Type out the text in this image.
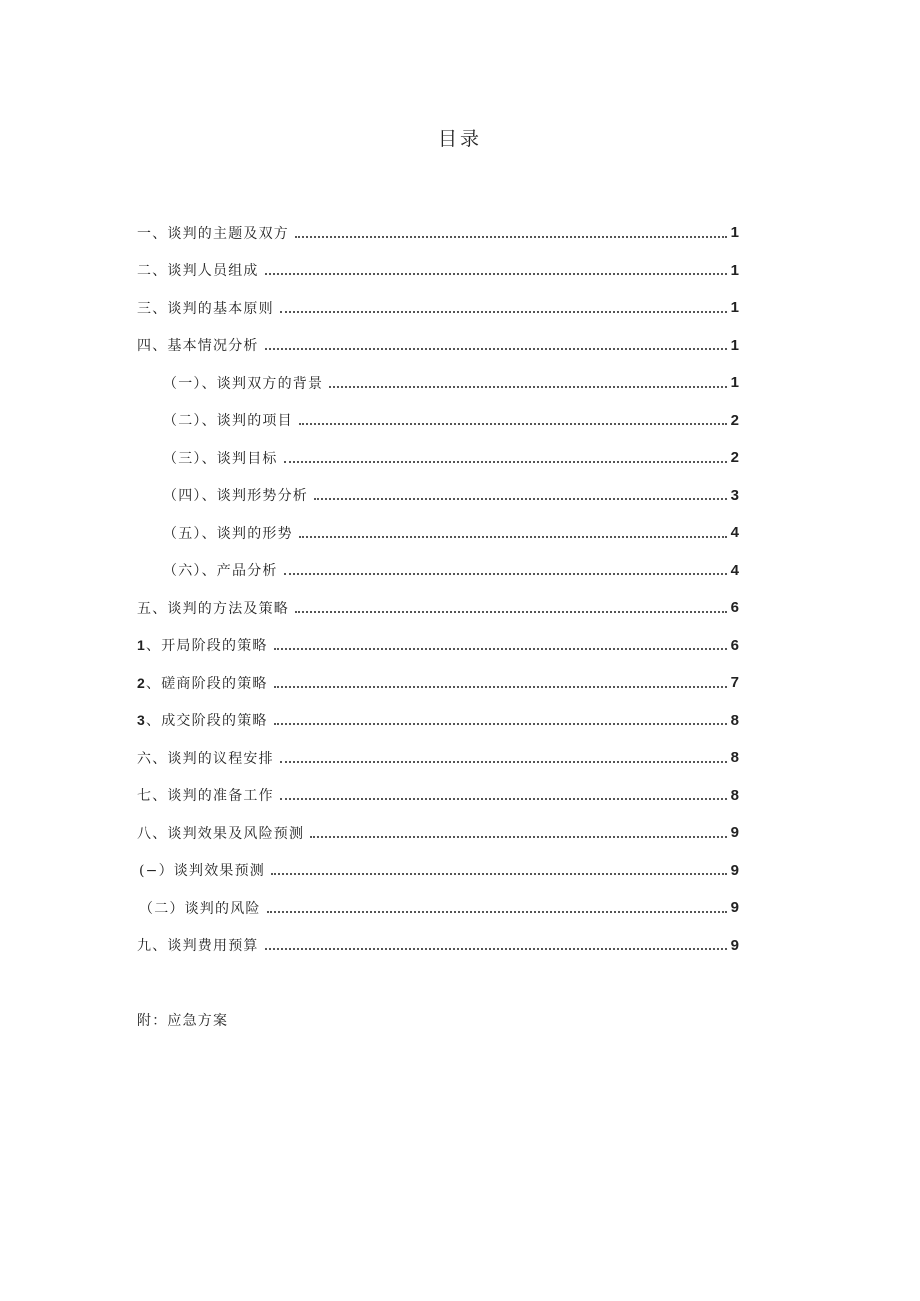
目录
一、谈判的主题及双方	1
二、谈判人员组成	1
三、谈判的基本原则	1
四、基本情况分析	1
（一）、谈判双方的背景	1
（二）、谈判的项目	2
（三）、谈判目标	2
（四）、谈判形势分析	3
（五）、谈判的形势	4
（六）、产品分析	4
五、谈判的方法及策略	6
1、开局阶段的策略	6
2、磋商阶段的策略	7
3、成交阶段的策略	8
六、谈判的议程安排	8
七、谈判的准备工作	8
八、谈判效果及风险预测	9
(−）谈判效果预测	9
（二）谈判的风险	9
九、谈判费用预算	9
附：应急方案
